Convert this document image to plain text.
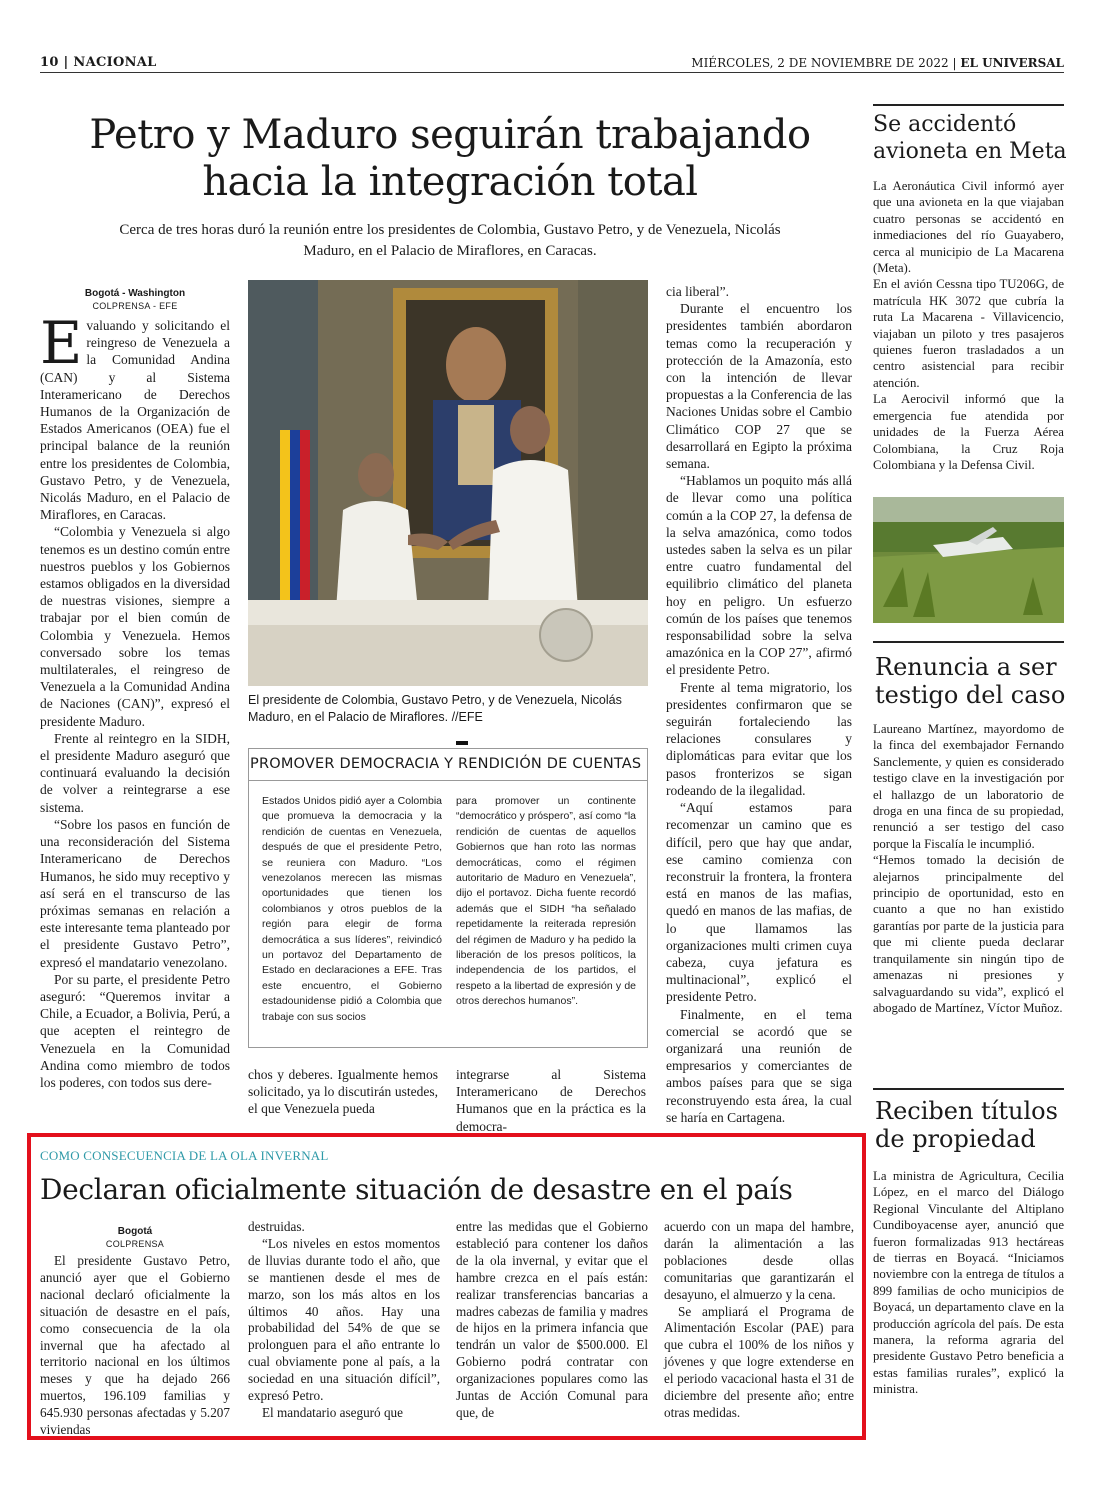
10 | NACIONAL	MIÉRCOLES, 2 DE NOVIEMBRE DE 2022 | EL UNIVERSAL
Petro y Maduro seguirán trabajando hacia la integración total
Cerca de tres horas duró la reunión entre los presidentes de Colombia, Gustavo Petro, y de Venezuela, Nicolás Maduro, en el Palacio de Miraflores, en Caracas.
Bogotá - Washington
COLPRENSA - EFE

Evaluando y solicitando el reingreso de Venezuela a la Comunidad Andina (CAN) y al Sistema Interamericano de Derechos Humanos de la Organización de Estados Americanos (OEA) fue el principal balance de la reunión entre los presidentes de Colombia, Gustavo Petro, y de Venezuela, Nicolás Maduro, en el Palacio de Miraflores, en Caracas.

“Colombia y Venezuela si algo tenemos es un destino común entre nuestros pueblos y los Gobiernos estamos obligados en la diversidad de nuestras visiones, siempre a trabajar por el bien común de Colombia y Venezuela. Hemos conversado sobre los temas multilaterales, el reingreso de Venezuela a la Comunidad Andina de Naciones (CAN)”, expresó el presidente Maduro.

Frente al reintegro en la SIDH, el presidente Maduro aseguró que continuará evaluando la decisión de volver a reintegrarse a ese sistema.

“Sobre los pasos en función de una reconsideración del Sistema Interamericano de Derechos Humanos, he sido muy receptivo y así será en el transcurso de las próximas semanas en relación a este interesante tema planteado por el presidente Gustavo Petro”, expresó el mandatario venezolano.

Por su parte, el presidente Petro aseguró: “Queremos invitar a Chile, a Ecuador, a Bolivia, Perú, a que acepten el reintegro de Venezuela en la Comunidad Andina como miembro de todos los poderes, con todos sus dere-

El presidente de Colombia, Gustavo Petro, y de Venezuela, Nicolás Maduro, en el Palacio de Miraflores. //EFE
PROMOVER DEMOCRACIA Y RENDICIÓN DE CUENTAS
Estados Unidos pidió ayer a Colombia que promueva la democracia y la rendición de cuentas en Venezuela, después de que el presidente Petro, se reuniera con Maduro. “Los venezolanos merecen las mismas oportunidades que tienen los colombianos y otros pueblos de la región para elegir de forma democrática a sus líderes”, reivindicó un portavoz del Departamento de Estado en declaraciones a EFE. Tras este encuentro, el Gobierno estadounidense pidió a Colombia que trabaje con sus socios
para promover un continente “democrático y próspero”, así como “la rendición de cuentas de aquellos Gobiernos que han roto las normas democráticas, como el régimen autoritario de Maduro en Venezuela”, dijo el portavoz. Dicha fuente recordó además que el SIDH “ha señalado repetidamente la reiterada represión del régimen de Maduro y ha pedido la liberación de los presos políticos, la independencia de los partidos, el respeto a la libertad de expresión y de otros derechos humanos”.
chos y deberes. Igualmente hemos solicitado, ya lo discutirán ustedes, el que Venezuela pueda
integrarse al Sistema Interamericano de Derechos Humanos que en la práctica es la democra-

cia liberal”.

Durante el encuentro los presidentes también abordaron temas como la recuperación y protección de la Amazonía, esto con la intención de llevar propuestas a la Conferencia de las Naciones Unidas sobre el Cambio Climático COP 27 que se desarrollará en Egipto la próxima semana.

“Hablamos un poquito más allá de llevar como una política común a la COP 27, la defensa de la selva amazónica, como todos ustedes saben la selva es un pilar entre cuatro fundamental del equilibrio climático del planeta hoy en peligro. Un esfuerzo común de los países que tenemos responsabilidad sobre la selva amazónica en la COP 27”, afirmó el presidente Petro.

Frente al tema migratorio, los presidentes confirmaron que se seguirán fortaleciendo las relaciones consulares y diplomáticas para evitar que los pasos fronterizos se sigan rodeando de la ilegalidad.

“Aquí estamos para recomenzar un camino que es difícil, pero que hay que andar, ese camino comienza con reconstruir la frontera, la frontera está en manos de las mafias, quedó en manos de las mafias, de lo que llamamos las organizaciones multi crimen cuya cabeza, cuya jefatura es multinacional”, explicó el presidente Petro.

Finalmente, en el tema comercial se acordó que se organizará una reunión de empresarios y comerciantes de ambos países para que se siga reconstruyendo esta área, la cual se haría en Cartagena.

Se accidentó avioneta en Meta

La Aeronáutica Civil informó ayer que una avioneta en la que viajaban cuatro personas se accidentó en inmediaciones del río Guayabero, cerca al municipio de La Macarena (Meta).

En el avión Cessna tipo TU206G, de matrícula HK 3072 que cubría la ruta La Macarena - Villavicencio, viajaban un piloto y tres pasajeros quienes fueron trasladados a un centro asistencial para recibir atención.

La Aerocivil informó que la emergencia fue atendida por unidades de la Fuerza Aérea Colombiana, la Cruz Roja Colombiana y la Defensa Civil.

Renuncia a ser testigo del caso

Laureano Martínez, mayordomo de la finca del exembajador Fernando Sanclemente, y quien es considerado testigo clave en la investigación por el hallazgo de un laboratorio de droga en una finca de su propiedad, renunció a ser testigo del caso porque la Fiscalía le incumplió.

“Hemos tomado la decisión de alejarnos principalmente del principio de oportunidad, esto en cuanto a que no han existido garantías por parte de la justicia para que mi cliente pueda declarar tranquilamente sin ningún tipo de amenazas ni presiones y salvaguardando su vida”, explicó el abogado de Martínez, Víctor Muñoz.

Reciben títulos de propiedad

La ministra de Agricultura, Cecilia López, en el marco del Diálogo Regional Vinculante del Altiplano Cundiboyacense ayer, anunció que fueron formalizadas 913 hectáreas de tierras en Boyacá. “Iniciamos noviembre con la entrega de títulos a 899 familias de ocho municipios de Boyacá, un departamento clave en la producción agrícola del país. De esta manera, la reforma agraria del presidente Gustavo Petro beneficia a estas familias rurales”, explicó la ministra.

COMO CONSECUENCIA DE LA OLA INVERNAL
Declaran oficialmente situación de desastre en el país
Bogotá
COLPRENSA

El presidente Gustavo Petro, anunció ayer que el Gobierno nacional declaró oficialmente la situación de desastre en el país, como consecuencia de la ola invernal que ha afectado al territorio nacional en los últimos meses y que ha dejado 266 muertos, 196.109 familias y 645.930 personas afectadas y 5.207 viviendas

destruidas.

“Los niveles en estos momentos de lluvias durante todo el año, que se mantienen desde el mes de marzo, son los más altos en los últimos 40 años. Hay una probabilidad del 54% de que se prolonguen para el año entrante lo cual obviamente pone al país, a la sociedad en una situación difícil”, expresó Petro.

El mandatario aseguró que

entre las medidas que el Gobierno estableció para contener los daños de la ola invernal, y evitar que el hambre crezca en el país están: realizar transferencias bancarias a madres cabezas de familia y madres de hijos en la primera infancia que tendrán un valor de $500.000. El Gobierno podrá contratar con organizaciones populares como las Juntas de Acción Comunal para que, de

acuerdo con un mapa del hambre, darán la alimentación a las poblaciones desde ollas comunitarias que garantizarán el desayuno, el almuerzo y la cena.

Se ampliará el Programa de Alimentación Escolar (PAE) para que cubra el 100% de los niños y jóvenes y que logre extenderse en el periodo vacacional hasta el 31 de diciembre del presente año; entre otras medidas.
